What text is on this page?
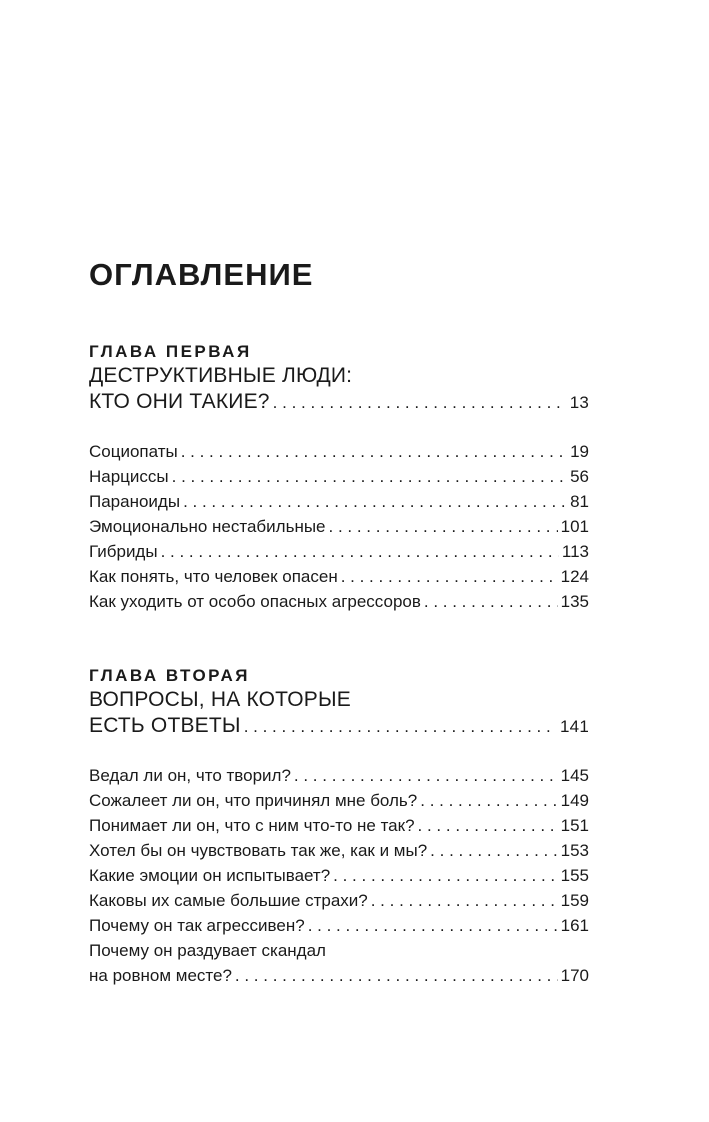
ОГЛАВЛЕНИЕ
ГЛАВА ПЕРВАЯ
ДЕСТРУКТИВНЫЕ ЛЮДИ:
КТО ОНИ ТАКИЕ? . . .	13
Социопаты . . .	19
Нарциссы . . .	56
Параноиды . . .	81
Эмоционально нестабильные . . .	101
Гибриды . . .	113
Как понять, что человек опасен . . .	124
Как уходить от особо опасных агрессоров . . .	135
ГЛАВА ВТОРАЯ
ВОПРОСЫ, НА КОТОРЫЕ
ЕСТЬ ОТВЕТЫ . . .	141
Ведал ли он, что творил? . . .	145
Сожалеет ли он, что причинял мне боль? . . .	149
Понимает ли он, что с ним что-то не так? . . .	151
Хотел бы он чувствовать так же, как и мы? . . .	153
Какие эмоции он испытывает? . . .	155
Каковы их самые большие страхи? . . .	159
Почему он так агрессивен? . . .	161
Почему он раздувает скандал
на ровном месте? . . .	170
